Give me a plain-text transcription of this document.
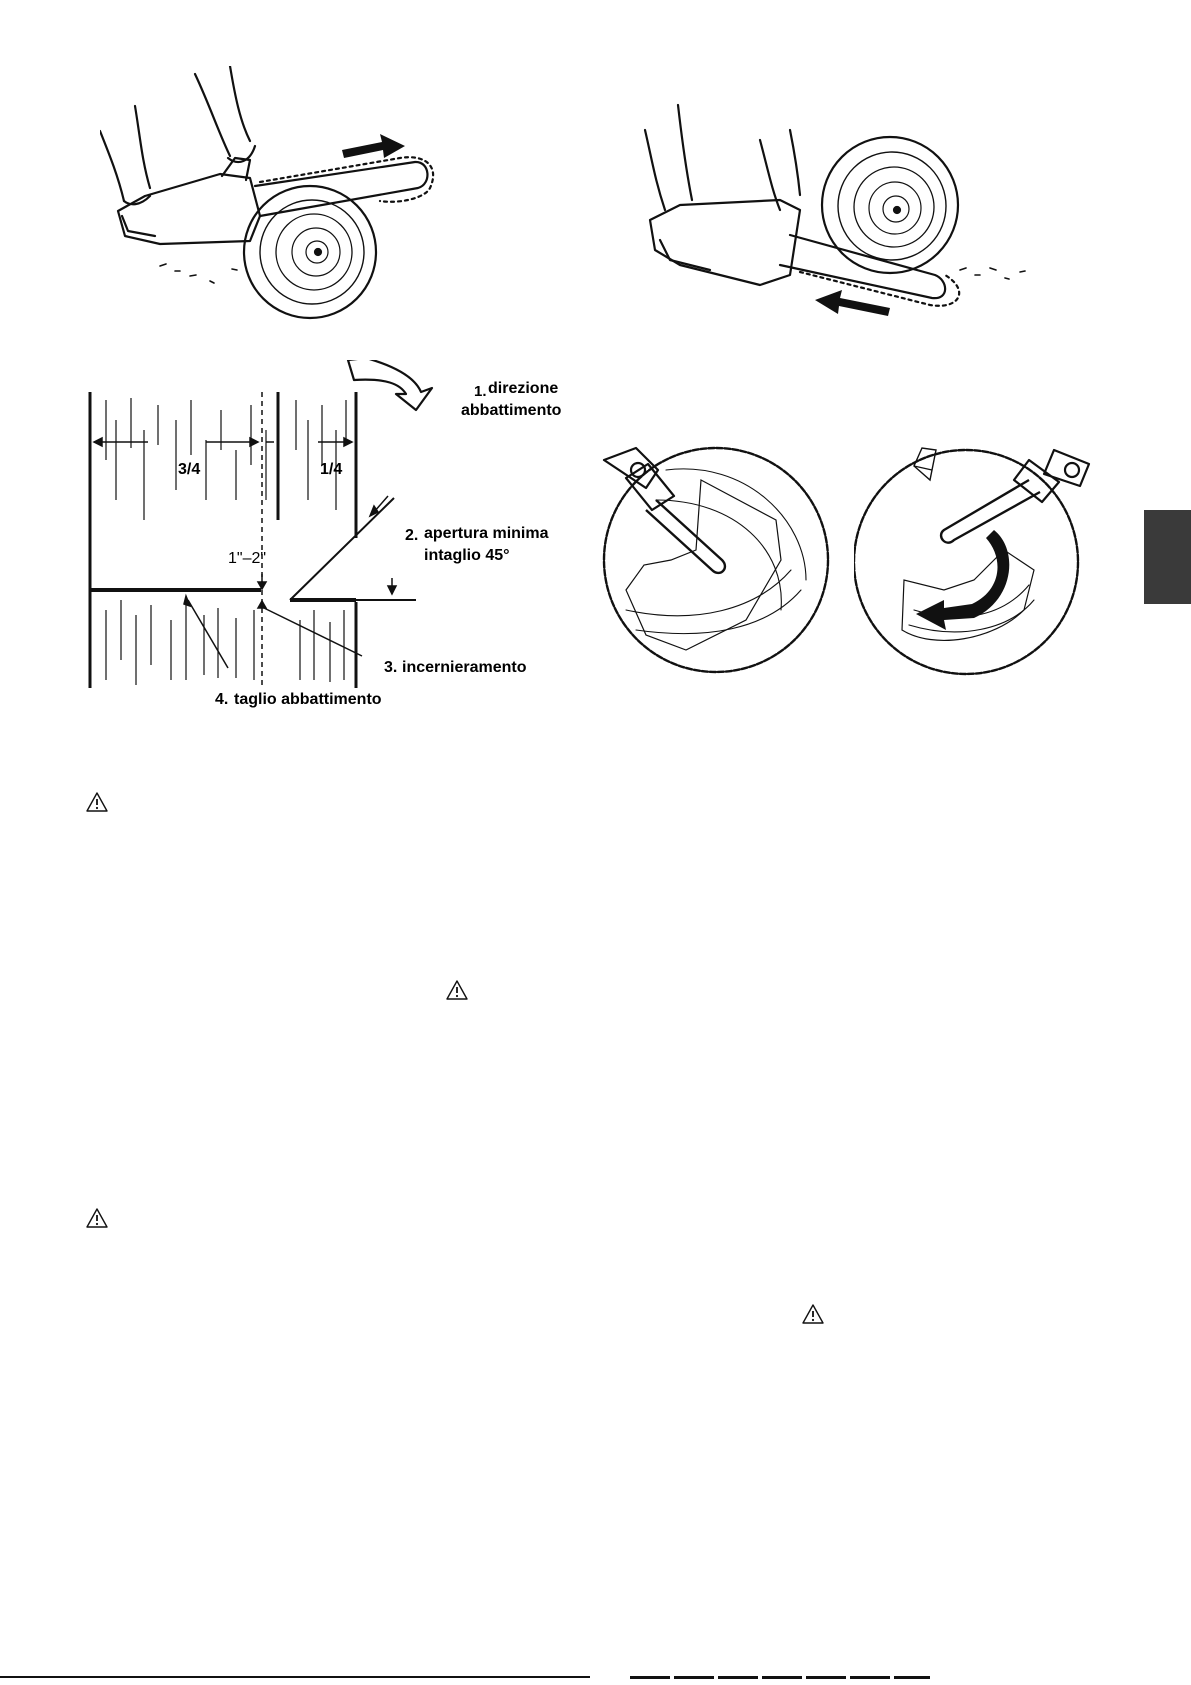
1. direzione
abbattimento
3/4	1/4
2. apertura minima
intaglio 45°
1"–2"
3. incernieramento
4. taglio abbattimento
